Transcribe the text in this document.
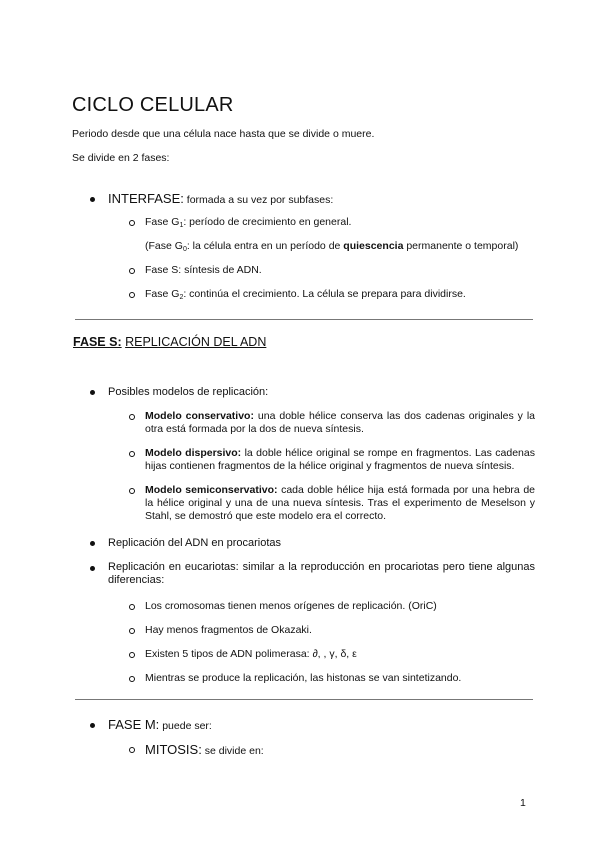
CICLO CELULAR
Periodo desde que una célula nace hasta que se divide o muere.
Se divide en 2 fases:
INTERFASE: formada a su vez por subfases:
Fase $G_1$: período de crecimiento en general.
(Fase $G_0$: la célula entra en un período de quiescencia permanente o temporal)
Fase S: síntesis de ADN.
Fase $G_2$: continúa el crecimiento. La célula se prepara para dividirse.
FASE S: REPLICACIÓN DEL ADN
Posibles modelos de replicación:
Modelo conservativo: una doble hélice conserva las dos cadenas originales y la otra está formada por la dos de nueva síntesis.
Modelo dispersivo: la doble hélice original se rompe en fragmentos. Las cadenas hijas contienen fragmentos de la hélice original y fragmentos de nueva síntesis.
Modelo semiconservativo: cada doble hélice hija está formada por una hebra de la hélice original y una de una nueva síntesis. Tras el experimento de Meselson y Stahl, se demostró que este modelo era el correcto.
Replicación del ADN en procariotas
Replicación en eucariotas: similar a la reproducción en procariotas pero tiene algunas diferencias:
Los cromosomas tienen menos orígenes de replicación. (OriC)
Hay menos fragmentos de Okazaki.
Existen 5 tipos de ADN polimerasa: ∂, , γ, δ, ε
Mientras se produce la replicación, las histonas se van sintetizando.
FASE M: puede ser:
MITOSIS: se divide en:
1
